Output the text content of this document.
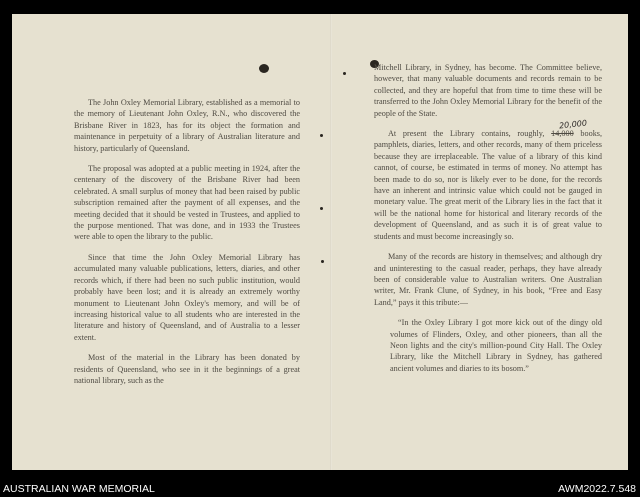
The John Oxley Memorial Library, established as a memorial to the memory of Lieutenant John Oxley, R.N., who discovered the Brisbane River in 1823, has for its object the formation and maintenance in perpetuity of a library of Australian literature and history, particularly of Queensland.

The proposal was adopted at a public meeting in 1924, after the centenary of the discovery of the Brisbane River had been celebrated. A small surplus of money that had been raised by public subscription remained after the payment of all expenses, and the meeting decided that it should be vested in Trustees, and applied to the purpose mentioned. That was done, and in 1933 the Trustees were able to open the library to the public.

Since that time the John Oxley Memorial Library has accumulated many valuable publications, letters, diaries, and other records which, if there had been no such public institution, would probably have been lost; and it is already an extremely worthy monument to Lieutenant John Oxley's memory, and will be of increasing historical value to all students who are interested in the literature and history of Queensland, and of Australia to a lesser extent.

Most of the material in the Library has been donated by residents of Queensland, who see in it the beginnings of a great national library, such as the

Mitchell Library, in Sydney, has become. The Committee believe, however, that many valuable documents and records remain to be collected, and they are hopeful that from time to time these will be transferred to the John Oxley Memorial Library for the benefit of the people of the State.

At present the Library contains, roughly, 14,000 books, pamphlets, diaries, letters, and other records, many of them priceless because they are irreplaceable. The value of a library of this kind cannot, of course, be estimated in terms of money. No attempt has been made to do so, nor is likely ever to be done, for the records have an inherent and intrinsic value which could not be gauged in monetary value. The great merit of the Library lies in the fact that it will be the national home for historical and literary records of the development of Queensland, and as such it is of great value to students and must become increasingly so.

Many of the records are history in themselves; and although dry and uninteresting to the casual reader, perhaps, they have already been of considerable value to Australian writers. One Australian writer, Mr. Frank Clune, of Sydney, in his book, “Free and Easy Land,” pays it this tribute:—

“In the Oxley Library I got more kick out of the dingy old volumes of Flinders, Oxley, and other pioneers, than all the Neon lights and the city's million-pound City Hall. The Oxley Library, like the Mitchell Library in Sydney, has gathered ancient volumes and diaries to its bosom.”

20,000
AUSTRALIAN WAR MEMORIAL	AWM2022.7.548
